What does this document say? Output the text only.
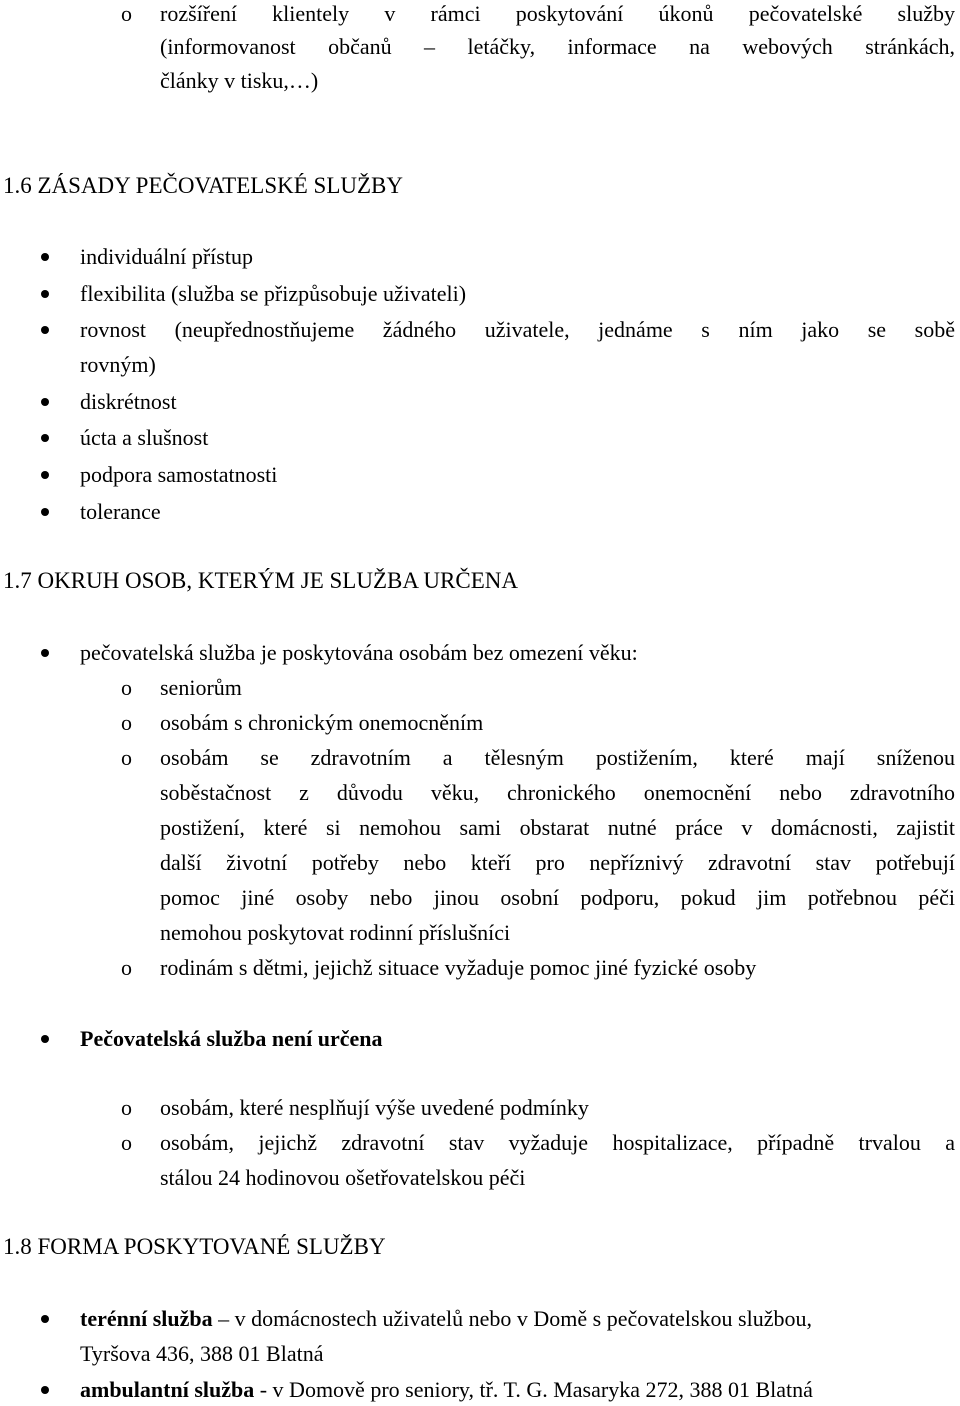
o rozšíření klientely v rámci poskytování úkonů pečovatelské služby
(informovanost občanů – letáčky, informace na webových stránkách,
články v tisku,…)
1.6 ZÁSADY PEČOVATELSKÉ SLUŽBY
individuální přístup
flexibilita (služba se přizpůsobuje uživateli)
rovnost (neupřednostňujeme žádného uživatele, jednáme s ním jako se sobě
rovným)
diskrétnost
úcta a slušnost
podpora samostatnosti
tolerance
1.7 OKRUH OSOB, KTERÝM JE SLUŽBA URČENA
pečovatelská služba je poskytována osobám bez omezení věku:
o seniorům
o osobám s chronickým onemocněním
o osobám se zdravotním a tělesným postižením, které mají sníženou
soběstačnost z důvodu věku, chronického onemocnění nebo zdravotního
postižení, které si nemohou sami obstarat nutné práce v domácnosti, zajistit
další životní potřeby nebo kteří pro nepříznivý zdravotní stav potřebují
pomoc jiné osoby nebo jinou osobní podporu, pokud jim potřebnou péči
nemohou poskytovat rodinní příslušníci
o rodinám s dětmi, jejichž situace vyžaduje pomoc jiné fyzické osoby
Pečovatelská služba není určena
o osobám, které nesplňují výše uvedené podmínky
o osobám, jejichž zdravotní stav vyžaduje hospitalizace, případně trvalou a
stálou 24 hodinovou ošetřovatelskou péči
1.8 FORMA POSKYTOVANÉ SLUŽBY
terénní služba – v domácnostech uživatelů nebo v Domě s pečovatelskou službou,
Tyršova 436, 388 01 Blatná
ambulantní služba - v Domově pro seniory, tř. T. G. Masaryka 272, 388 01 Blatná
